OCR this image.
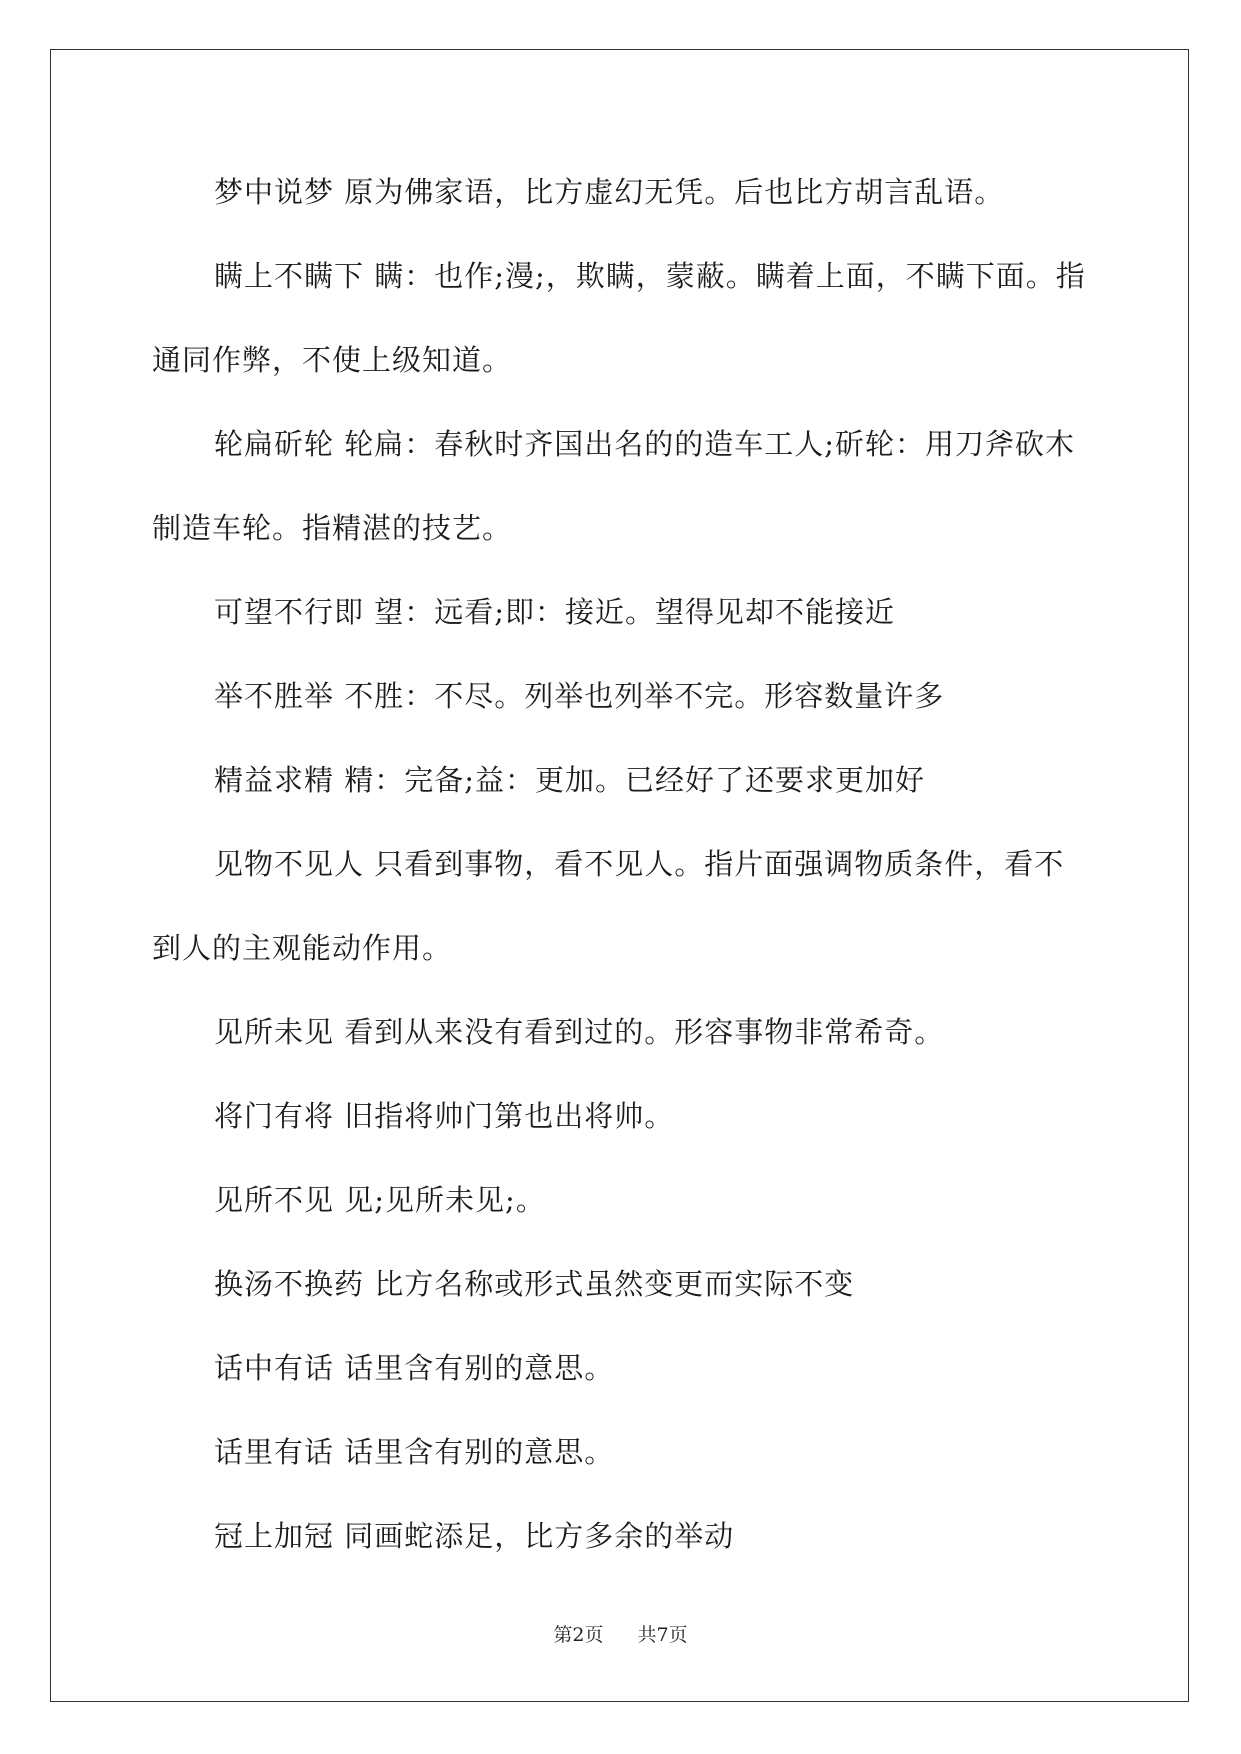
梦中说梦 原为佛家语，比方虚幻无凭。后也比方胡言乱语。

瞒上不瞒下 瞒：也作;漫;，欺瞒，蒙蔽。瞒着上面，不瞒下面。指通同作弊，不使上级知道。

轮扁斫轮 轮扁：春秋时齐国出名的的造车工人;斫轮：用刀斧砍木制造车轮。指精湛的技艺。

可望不行即 望：远看;即：接近。望得见却不能接近

举不胜举 不胜：不尽。列举也列举不完。形容数量许多

精益求精 精：完备;益：更加。已经好了还要求更加好

见物不见人 只看到事物，看不见人。指片面强调物质条件，看不到人的主观能动作用。

见所未见 看到从来没有看到过的。形容事物非常希奇。

将门有将 旧指将帅门第也出将帅。

见所不见 见;见所未见;。

换汤不换药 比方名称或形式虽然变更而实际不变

话中有话 话里含有别的意思。

话里有话 话里含有别的意思。

冠上加冠 同画蛇添足，比方多余的举动

第2页 共7页
